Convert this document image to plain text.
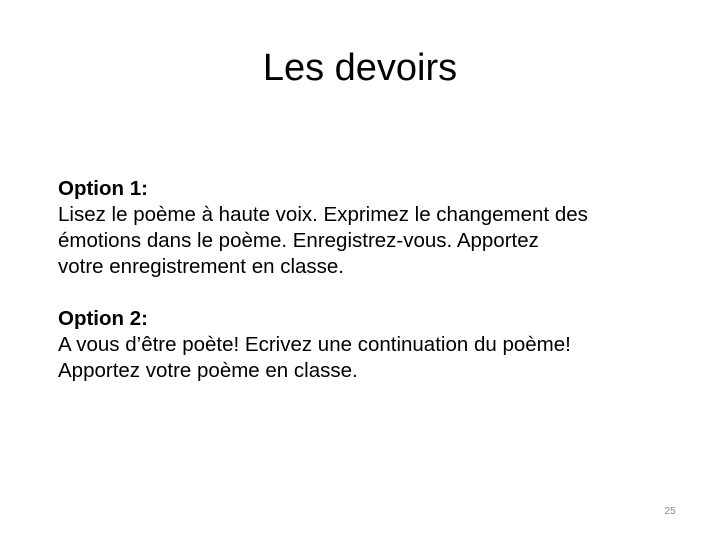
Les devoirs

Option 1:
Lisez le poème à haute voix. Exprimez le changement des
émotions dans le poème. Enregistrez-vous. Apportez
votre enregistrement en classe.

Option 2:
A vous d’être poète! Ecrivez une continuation du poème!
Apportez votre poème en classe.

25
